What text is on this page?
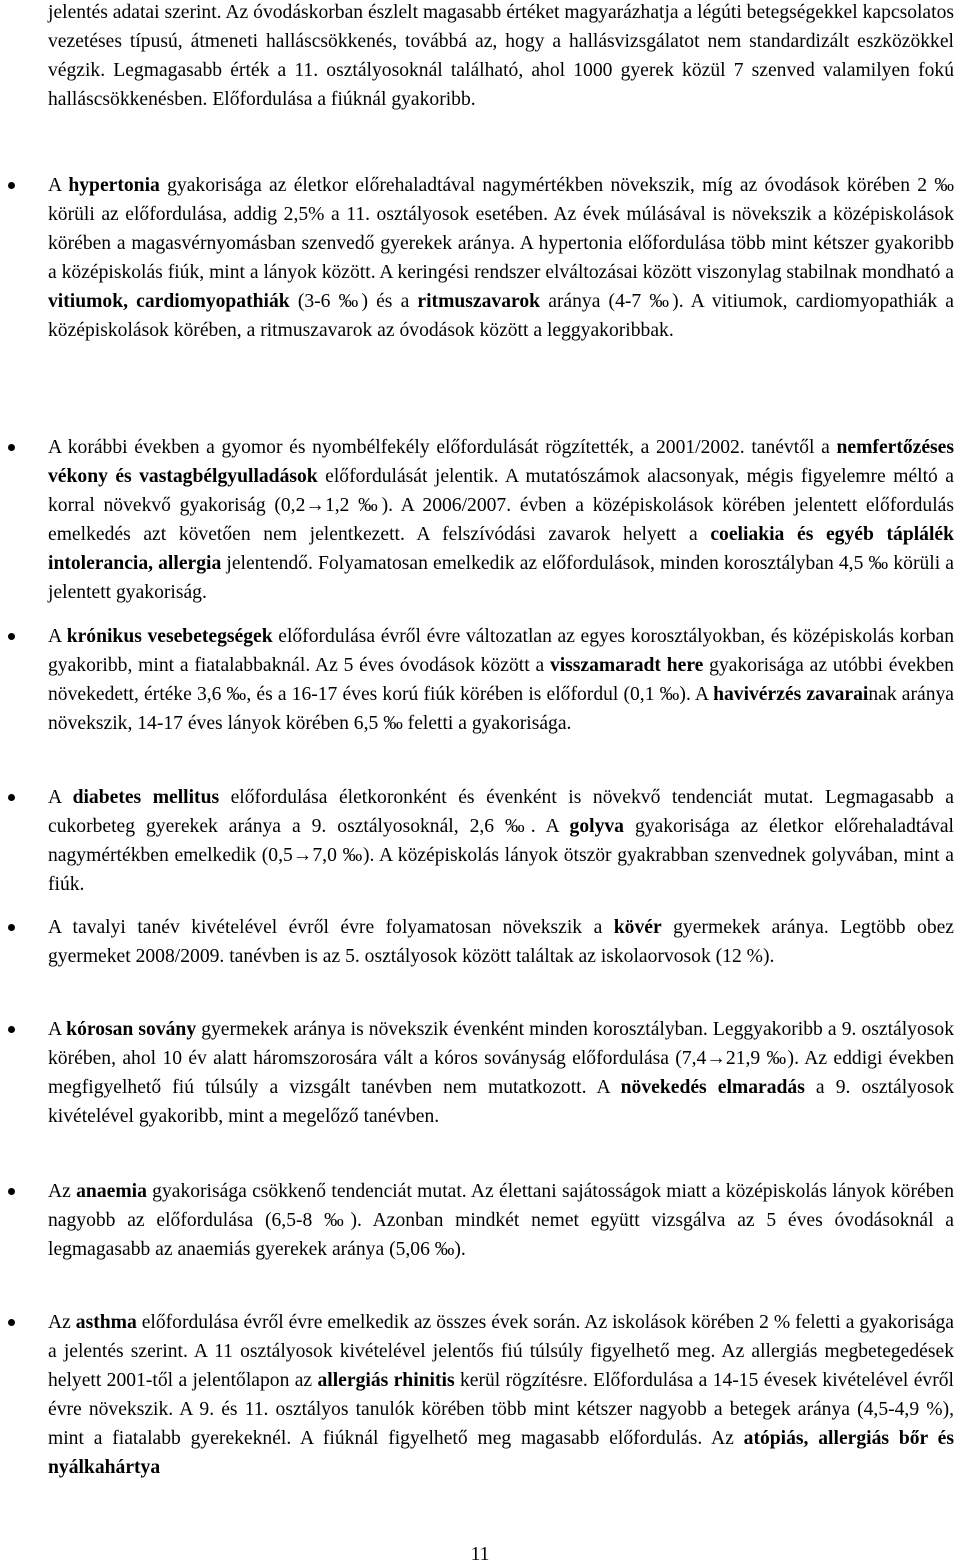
jelentés adatai szerint. Az óvodáskorban észlelt magasabb értéket magyarázhatja a légúti betegségekkel kapcsolatos vezetéses típusú, átmeneti halláscsökkenés, továbbá az, hogy a hallásvizsgálatot nem standardizált eszközökkel végzik. Legmagasabb érték a 11. osztályosoknál található, ahol 1000 gyerek közül 7 szenved valamilyen fokú halláscsökkenésben. Előfordulása a fiúknál gyakoribb.

A hypertonia gyakorisága az életkor előrehaladtával nagymértékben növekszik, míg az óvodások körében 2 ‰ körüli az előfordulása, addig 2,5% a 11. osztályosok esetében. Az évek múlásával is növekszik a középiskolások körében a magasvérnyomásban szenvedő gyerekek aránya. A hypertonia előfordulása több mint kétszer gyakoribb a középiskolás fiúk, mint a lányok között. A keringési rendszer elváltozásai között viszonylag stabilnak mondható a vitiumok, cardiomyopathiák (3-6 ‰) és a ritmuszavarok aránya (4-7 ‰). A vitiumok, cardiomyopathiák a középiskolások körében, a ritmuszavarok az óvodások között a leggyakoribbak.
A korábbi években a gyomor és nyombélfekély előfordulását rögzítették, a 2001/2002. tanévtől a nemfertőzéses vékony és vastagbélgyulladások előfordulását jelentik. A mutatószámok alacsonyak, mégis figyelemre méltó a korral növekvő gyakoriság (0,2→1,2 ‰). A 2006/2007. évben a középiskolások körében jelentett előfordulás emelkedés azt követően nem jelentkezett. A felszívódási zavarok helyett a coeliakia és egyéb táplálék intolerancia, allergia jelentendő. Folyamatosan emelkedik az előfordulások, minden korosztályban 4,5 ‰ körüli a jelentett gyakoriság.
A krónikus vesebetegségek előfordulása évről évre változatlan az egyes korosztályokban, és középiskolás korban gyakoribb, mint a fiatalabbaknál. Az 5 éves óvodások között a visszamaradt here gyakorisága az utóbbi években növekedett, értéke 3,6 ‰, és a 16-17 éves korú fiúk körében is előfordul (0,1 ‰). A havivérzés zavarainak aránya növekszik, 14-17 éves lányok körében 6,5 ‰ feletti a gyakorisága.
A diabetes mellitus előfordulása életkoronként és évenként is növekvő tendenciát mutat. Legmagasabb a cukorbeteg gyerekek aránya a 9. osztályosoknál, 2,6 ‰. A golyva gyakorisága az életkor előrehaladtával nagymértékben emelkedik (0,5→7,0 ‰). A középiskolás lányok ötször gyakrabban szenvednek golyvában, mint a fiúk.
A tavalyi tanév kivételével évről évre folyamatosan növekszik a kövér gyermekek aránya. Legtöbb obez gyermeket 2008/2009. tanévben is az 5. osztályosok között találtak az iskolaorvosok (12 %).
A kórosan sovány gyermekek aránya is növekszik évenként minden korosztályban. Leggyakoribb a 9. osztályosok körében, ahol 10 év alatt háromszorosára vált a kóros soványság előfordulása (7,4→21,9 ‰). Az eddigi években megfigyelhető fiú túlsúly a vizsgált tanévben nem mutatkozott. A növekedés elmaradás a 9. osztályosok kivételével gyakoribb, mint a megelőző tanévben.
Az anaemia gyakorisága csökkenő tendenciát mutat. Az élettani sajátosságok miatt a középiskolás lányok körében nagyobb az előfordulása (6,5-8 ‰). Azonban mindkét nemet együtt vizsgálva az 5 éves óvodásoknál a legmagasabb az anaemiás gyerekek aránya (5,06 ‰).
Az asthma előfordulása évről évre emelkedik az összes évek során. Az iskolások körében 2 % feletti a gyakorisága a jelentés szerint. A 11 osztályosok kivételével jelentős fiú túlsúly figyelhető meg. Az allergiás megbetegedések helyett 2001-től a jelentőlapon az allergiás rhinitis kerül rögzítésre. Előfordulása a 14-15 évesek kivételével évről évre növekszik. A 9. és 11. osztályos tanulók körében több mint kétszer nagyobb a betegek aránya (4,5-4,9 %), mint a fiatalabb gyerekeknél. A fiúknál figyelhető meg magasabb előfordulás. Az atópiás, allergiás bőr és nyálkahártya
11
